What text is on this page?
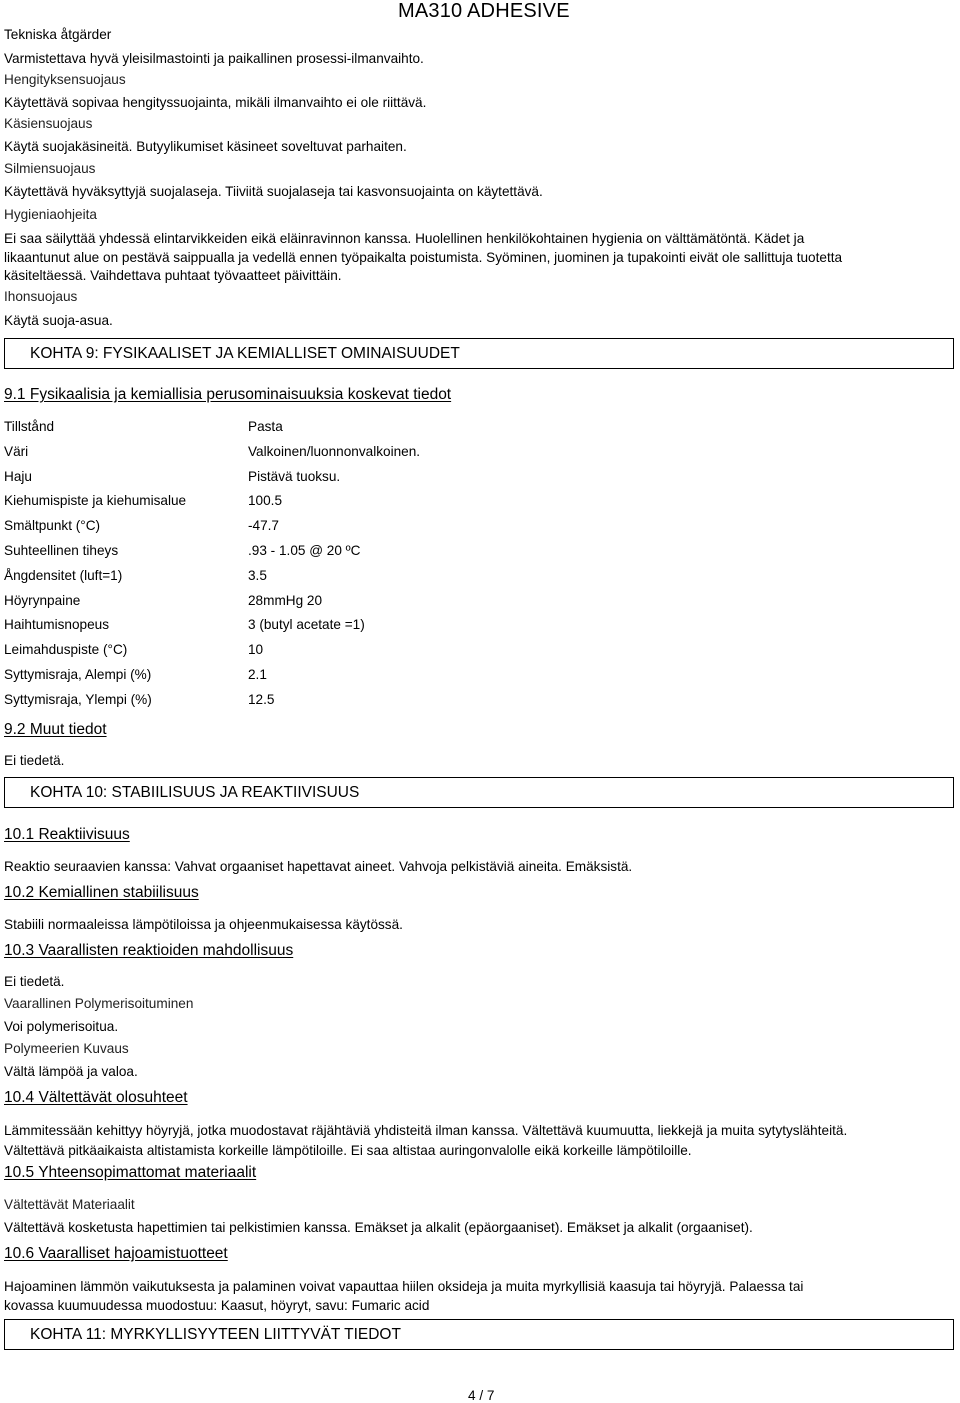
MA310 ADHESIVE
Tekniska åtgärder
Varmistettava hyvä yleisilmastointi ja paikallinen prosessi-ilmanvaihto.
Hengityksensuojaus
Käytettävä sopivaa hengityssuojainta, mikäli ilmanvaihto ei ole riittävä.
Käsiensuojaus
Käytä suojakäsineitä. Butyylikumiset käsineet soveltuvat parhaiten.
Silmiensuojaus
Käytettävä hyväksyttyjä suojalaseja. Tiiviitä suojalaseja tai kasvonsuojainta on käytettävä.
Hygieniaohjeita
Ei saa säilyttää yhdessä elintarvikkeiden eikä eläinravinnon kanssa. Huolellinen henkilökohtainen hygienia on välttämätöntä. Kädet ja likaantunut alue on pestävä saippualla ja vedellä ennen työpaikalta poistumista. Syöminen, juominen ja tupakointi eivät ole sallittuja tuotetta käsiteltäessä. Vaihdettava puhtaat työvaatteet päivittäin.
Ihonsuojaus
Käytä suoja-asua.
KOHTA 9: FYSIKAALISET JA KEMIALLISET OMINAISUUDET
9.1 Fysikaalisia ja kemiallisia perusominaisuuksia koskevat tiedot
Tillstånd	Pasta
Väri	Valkoinen/luonnonvalkoinen.
Haju	Pistävä tuoksu.
Kiehumispiste ja kiehumisalue	100.5
Smältpunkt (°C)	-47.7
Suhteellinen tiheys	.93 - 1.05 @ 20 ºC
Ångdensitet (luft=1)	3.5
Höyrynpaine	28mmHg 20
Haihtumisnopeus	3 (butyl acetate =1)
Leimahduspiste (°C)	10
Syttymisraja, Alempi (%)	2.1
Syttymisraja, Ylempi (%)	12.5
9.2 Muut tiedot
Ei tiedetä.
KOHTA 10: STABIILISUUS JA REAKTIIVISUUS
10.1 Reaktiivisuus
Reaktio seuraavien kanssa: Vahvat orgaaniset hapettavat aineet. Vahvoja pelkistäviä aineita. Emäksistä.
10.2 Kemiallinen stabiilisuus
Stabiili normaaleissa lämpötiloissa ja ohjeenmukaisessa käytössä.
10.3 Vaarallisten reaktioiden mahdollisuus
Ei tiedetä.
Vaarallinen Polymerisoituminen
Voi polymerisoitua.
Polymeerien Kuvaus
Vältä lämpöä ja valoa.
10.4 Vältettävät olosuhteet
Lämmitessään kehittyy höyryjä, jotka muodostavat räjähtäviä yhdisteitä ilman kanssa. Vältettävä kuumuutta, liekkejä ja muita sytytyslähteitä. Vältettävä pitkäaikaista altistamista korkeille lämpötiloille. Ei saa altistaa auringonvalolle eikä korkeille lämpötiloille.
10.5 Yhteensopimattomat materiaalit
Vältettävät Materiaalit
Vältettävä kosketusta hapettimien tai pelkistimien kanssa. Emäkset ja alkalit (epäorgaaniset). Emäkset ja alkalit (orgaaniset).
10.6 Vaaralliset hajoamistuotteet
Hajoaminen lämmön vaikutuksesta ja palaminen voivat vapauttaa hiilen oksideja ja muita myrkyllisiä kaasuja tai höyryjä. Palaessa tai kovassa kuumuudessa muodostuu: Kaasut, höyryt, savu: Fumaric acid
KOHTA 11: MYRKYLLISYYTEEN LIITTYVÄT TIEDOT
4 / 7
